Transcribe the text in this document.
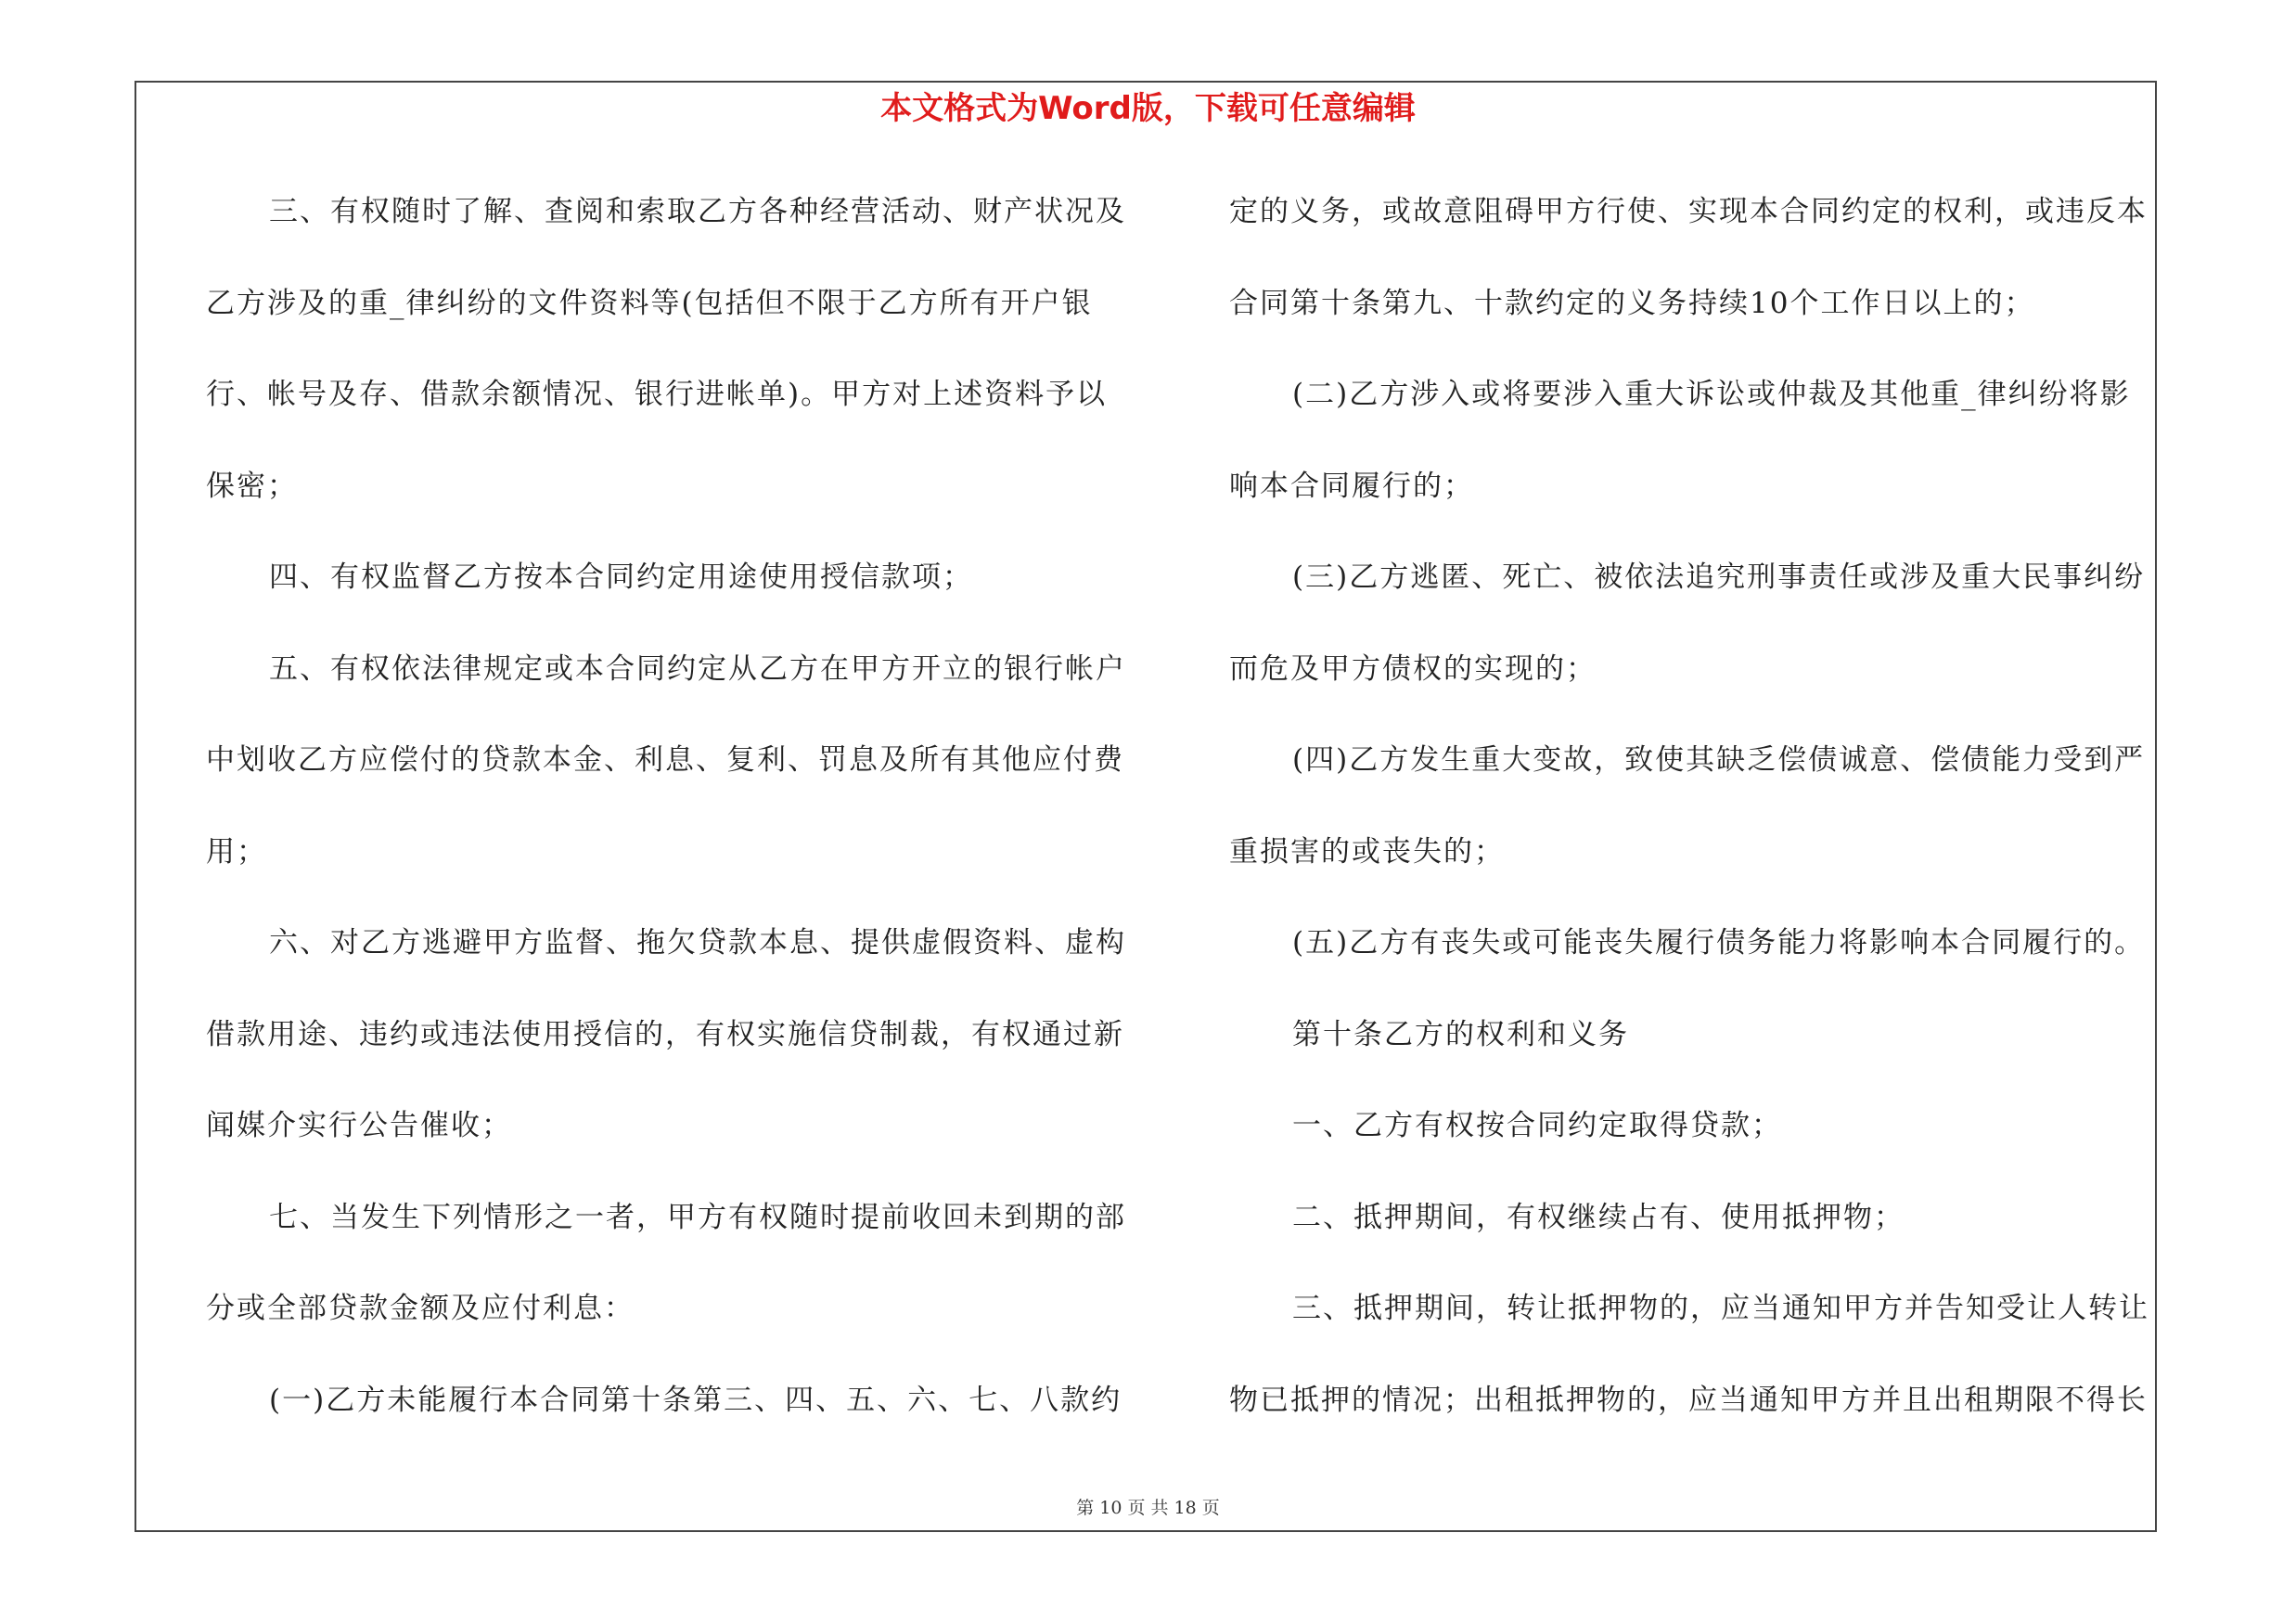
本文格式为Word版，下载可任意编辑
三、有权随时了解、查阅和索取乙方各种经营活动、财产状况及
乙方涉及的重_律纠纷的文件资料等(包括但不限于乙方所有开户银
行、帐号及存、借款余额情况、银行进帐单)。甲方对上述资料予以
保密；
四、有权监督乙方按本合同约定用途使用授信款项；
五、有权依法律规定或本合同约定从乙方在甲方开立的银行帐户
中划收乙方应偿付的贷款本金、利息、复利、罚息及所有其他应付费
用；
六、对乙方逃避甲方监督、拖欠贷款本息、提供虚假资料、虚构
借款用途、违约或违法使用授信的，有权实施信贷制裁，有权通过新
闻媒介实行公告催收；
七、当发生下列情形之一者，甲方有权随时提前收回未到期的部
分或全部贷款金额及应付利息：
(一)乙方未能履行本合同第十条第三、四、五、六、七、八款约
定的义务，或故意阻碍甲方行使、实现本合同约定的权利，或违反本
合同第十条第九、十款约定的义务持续10个工作日以上的；
(二)乙方涉入或将要涉入重大诉讼或仲裁及其他重_律纠纷将影
响本合同履行的；
(三)乙方逃匿、死亡、被依法追究刑事责任或涉及重大民事纠纷
而危及甲方债权的实现的；
(四)乙方发生重大变故，致使其缺乏偿债诚意、偿债能力受到严
重损害的或丧失的；
(五)乙方有丧失或可能丧失履行债务能力将影响本合同履行的。
第十条乙方的权利和义务
一、乙方有权按合同约定取得贷款；
二、抵押期间，有权继续占有、使用抵押物；
三、抵押期间，转让抵押物的，应当通知甲方并告知受让人转让
物已抵押的情况；出租抵押物的，应当通知甲方并且出租期限不得长
第 10 页 共 18 页
